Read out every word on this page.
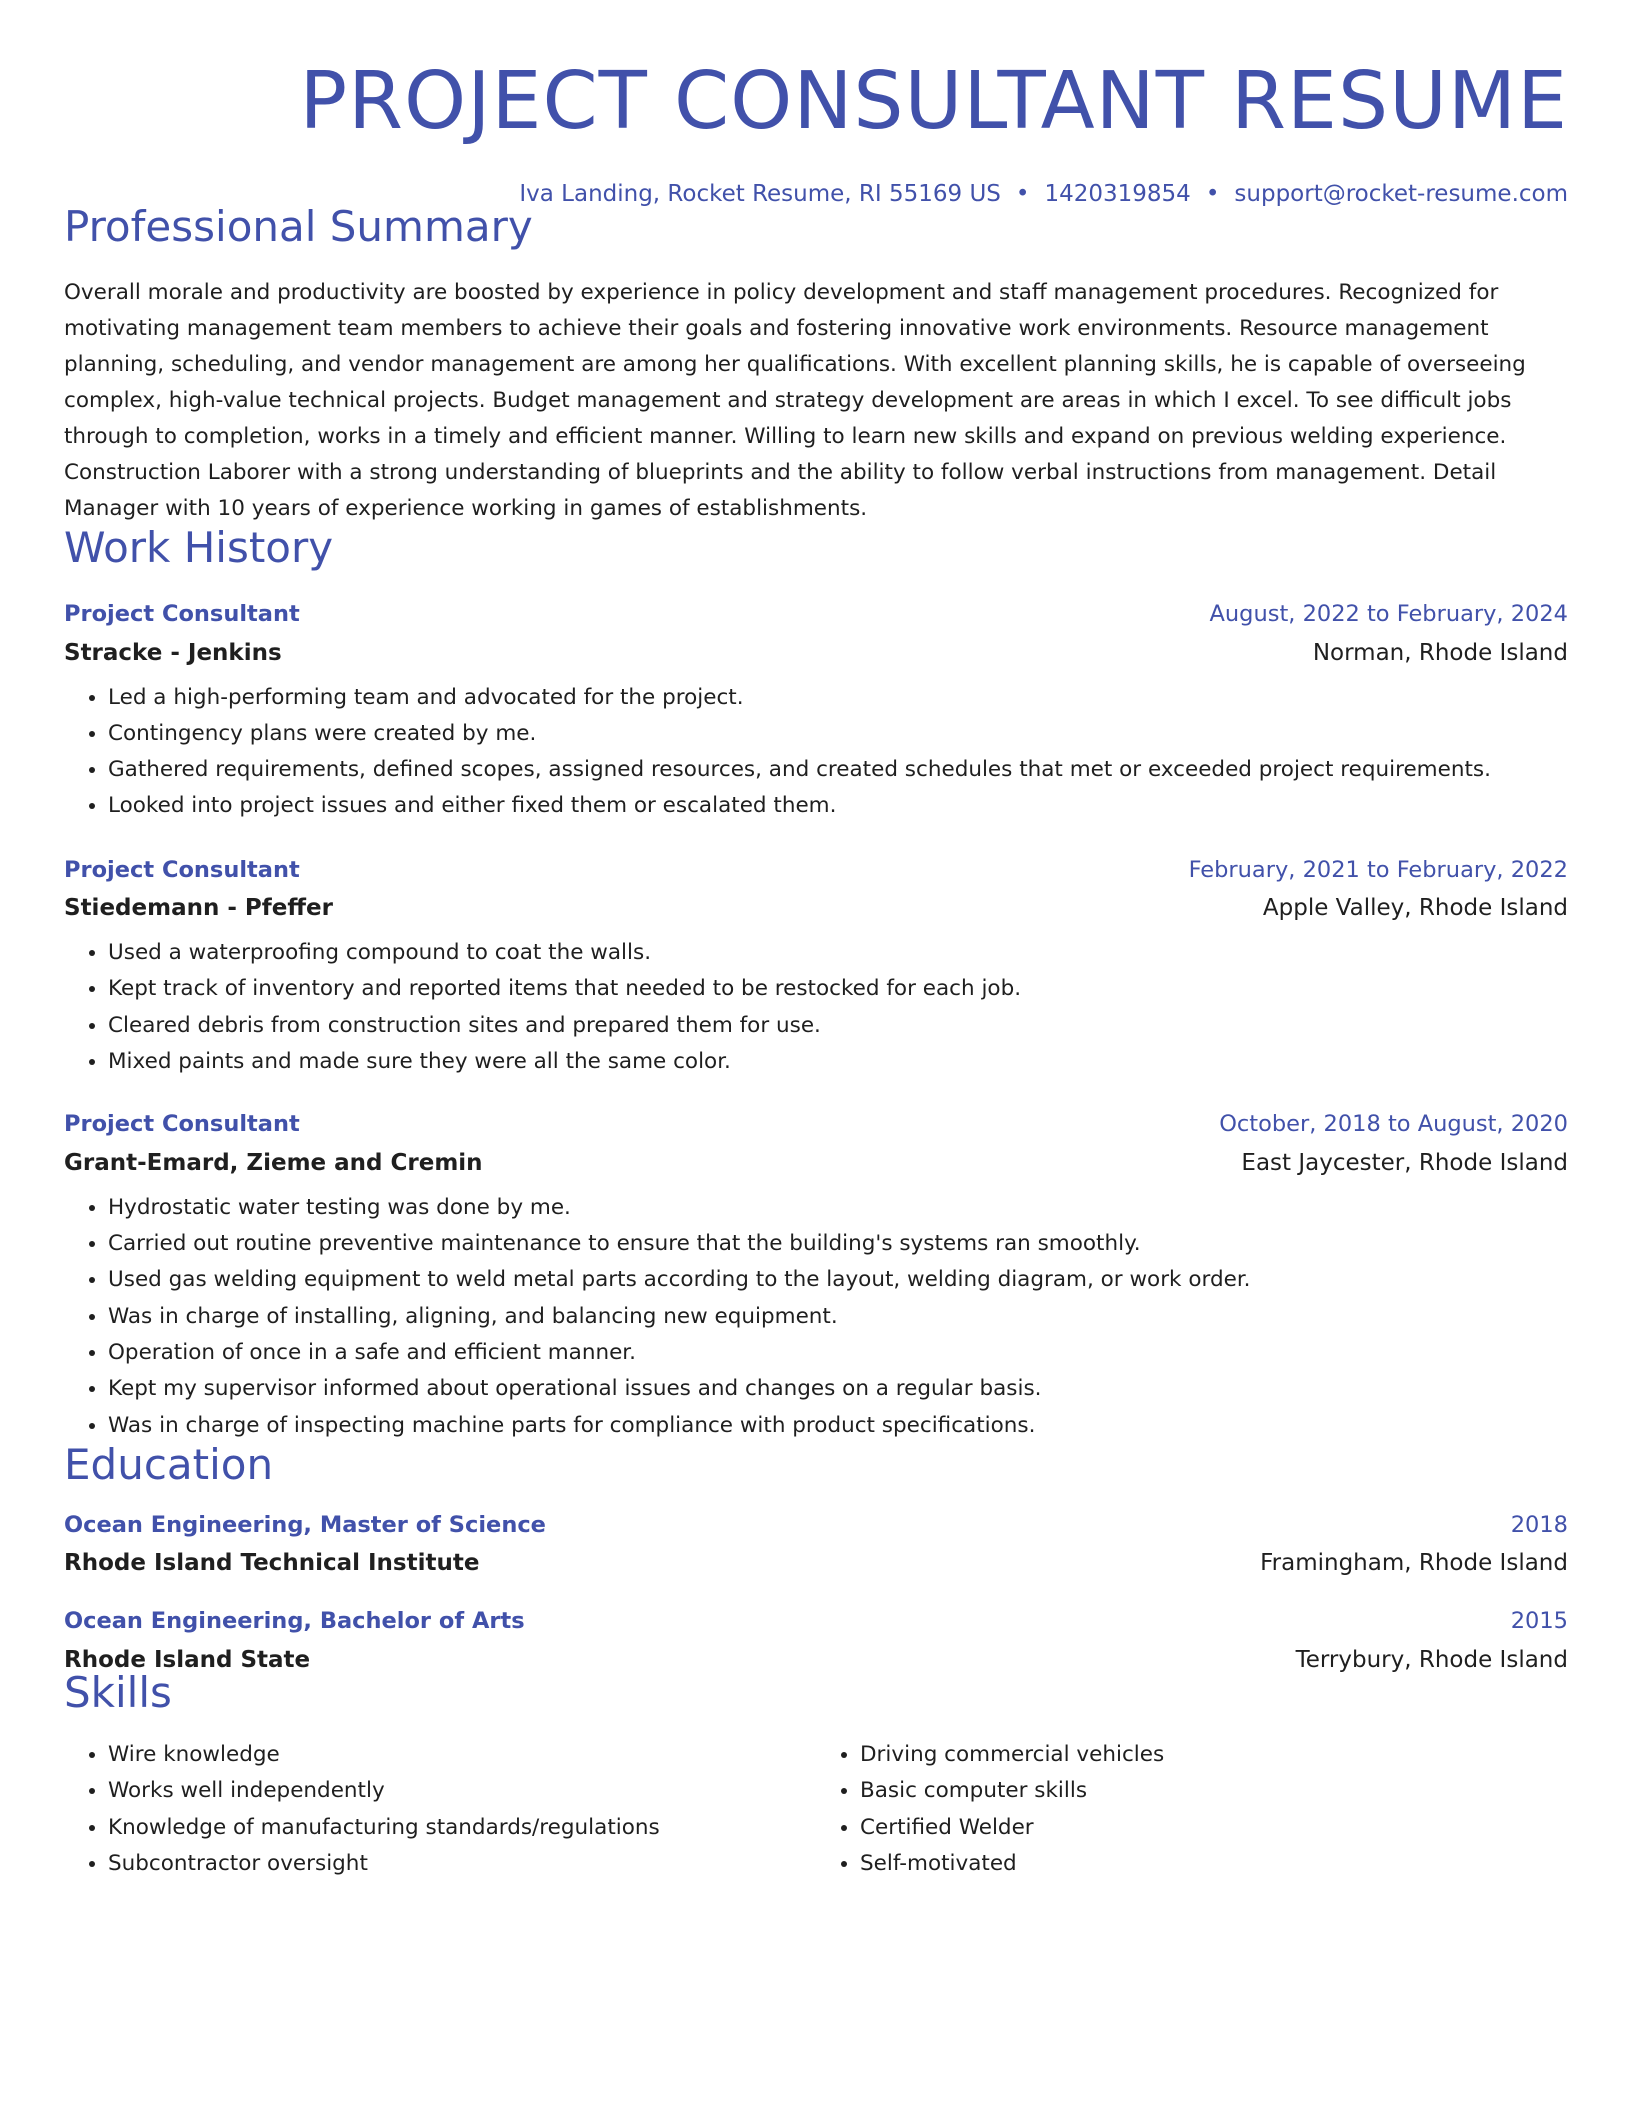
PROJECT CONSULTANT RESUME
Iva Landing, Rocket Resume, RI 55169 US • 1420319854 • support@rocket-resume.com
Professional Summary

Overall morale and productivity are boosted by experience in policy development and staff management procedures. Recognized for motivating management team members to achieve their goals and fostering innovative work environments. Resource management planning, scheduling, and vendor management are among her qualifications. With excellent planning skills, he is capable of overseeing complex, high-value technical projects. Budget management and strategy development are areas in which I excel. To see difficult jobs through to completion, works in a timely and efficient manner. Willing to learn new skills and expand on previous welding experience. Construction Laborer with a strong understanding of blueprints and the ability to follow verbal instructions from management. Detail Manager with 10 years of experience working in games of establishments.

Work History
Project Consultant	August, 2022 to February, 2024
Stracke - Jenkins	Norman, Rhode Island
• Led a high-performing team and advocated for the project.
• Contingency plans were created by me.
• Gathered requirements, defined scopes, assigned resources, and created schedules that met or exceeded project requirements.
• Looked into project issues and either fixed them or escalated them.
Project Consultant	February, 2021 to February, 2022
Stiedemann - Pfeffer	Apple Valley, Rhode Island
• Used a waterproofing compound to coat the walls.
• Kept track of inventory and reported items that needed to be restocked for each job.
• Cleared debris from construction sites and prepared them for use.
• Mixed paints and made sure they were all the same color.
Project Consultant	October, 2018 to August, 2020
Grant-Emard, Zieme and Cremin	East Jaycester, Rhode Island
• Hydrostatic water testing was done by me.
• Carried out routine preventive maintenance to ensure that the building's systems ran smoothly.
• Used gas welding equipment to weld metal parts according to the layout, welding diagram, or work order.
• Was in charge of installing, aligning, and balancing new equipment.
• Operation of once in a safe and efficient manner.
• Kept my supervisor informed about operational issues and changes on a regular basis.
• Was in charge of inspecting machine parts for compliance with product specifications.
Education
Ocean Engineering, Master of Science	2018
Rhode Island Technical Institute	Framingham, Rhode Island
Ocean Engineering, Bachelor of Arts	2015
Rhode Island State	Terrybury, Rhode Island
Skills
• Wire knowledge
• Works well independently
• Knowledge of manufacturing standards/regulations
• Subcontractor oversight
• Driving commercial vehicles
• Basic computer skills
• Certified Welder
• Self-motivated
